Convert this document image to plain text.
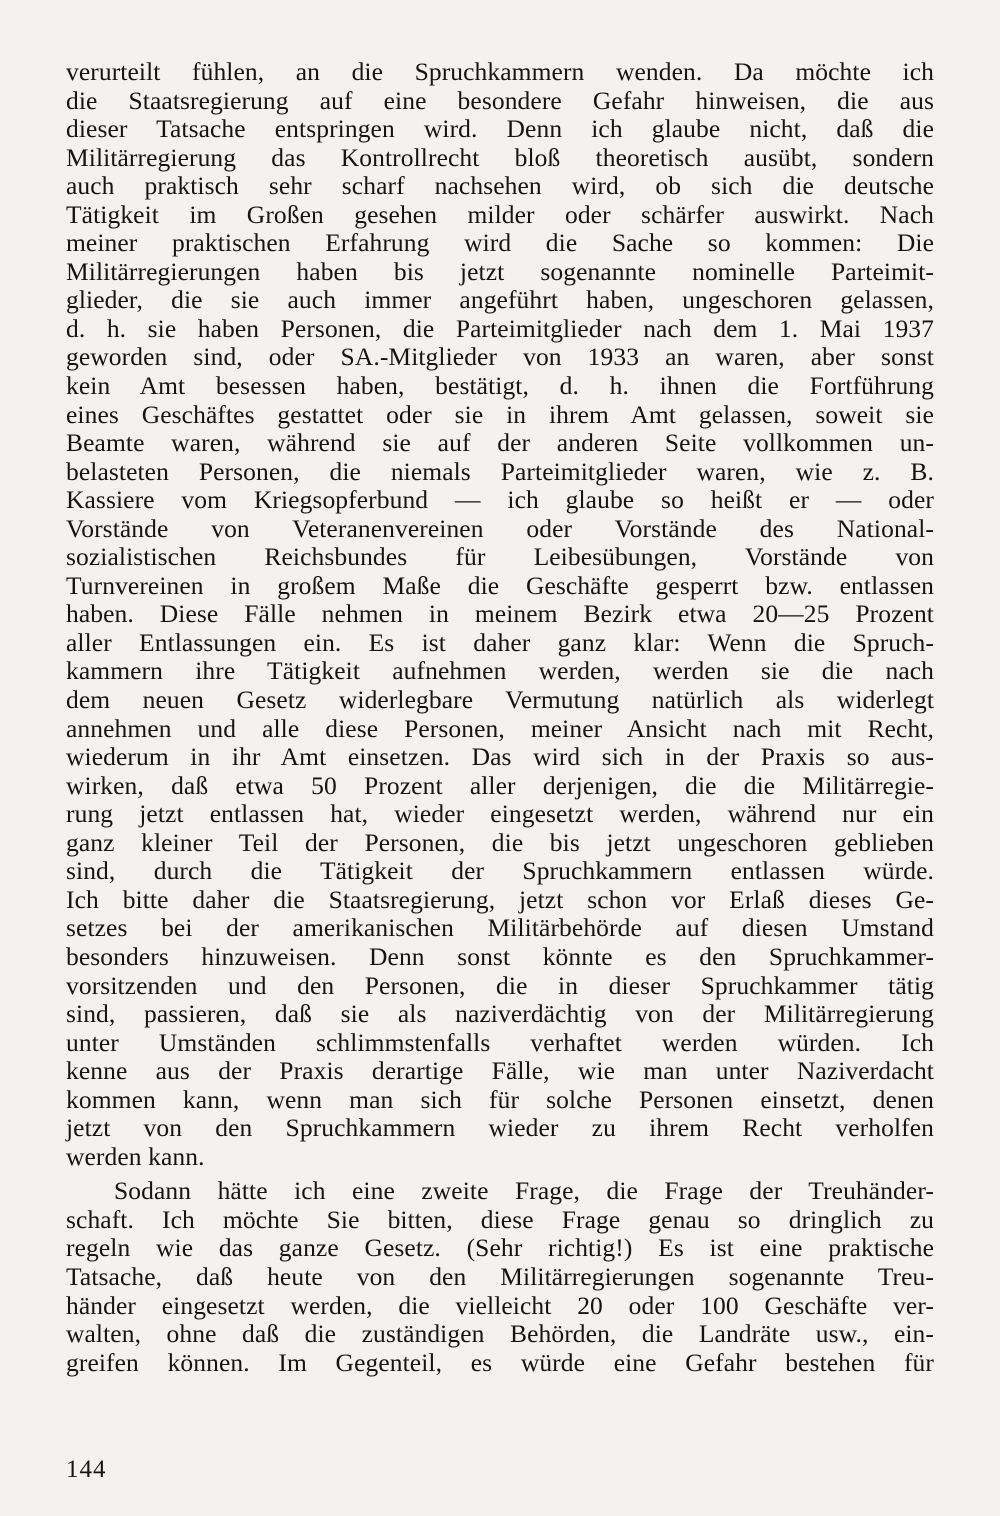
verurteilt fühlen, an die Spruchkammern wenden. Da möchte ich
die Staatsregierung auf eine besondere Gefahr hinweisen, die aus
dieser Tatsache entspringen wird. Denn ich glaube nicht, daß die
Militärregierung das Kontrollrecht bloß theoretisch ausübt, sondern
auch praktisch sehr scharf nachsehen wird, ob sich die deutsche
Tätigkeit im Großen gesehen milder oder schärfer auswirkt. Nach
meiner praktischen Erfahrung wird die Sache so kommen: Die
Militärregierungen haben bis jetzt sogenannte nominelle Parteimit-
glieder, die sie auch immer angeführt haben, ungeschoren gelassen,
d. h. sie haben Personen, die Parteimitglieder nach dem 1. Mai 1937
geworden sind, oder SA.-Mitglieder von 1933 an waren, aber sonst
kein Amt besessen haben, bestätigt, d. h. ihnen die Fortführung
eines Geschäftes gestattet oder sie in ihrem Amt gelassen, soweit sie
Beamte waren, während sie auf der anderen Seite vollkommen un-
belasteten Personen, die niemals Parteimitglieder waren, wie z. B.
Kassiere vom Kriegsopferbund — ich glaube so heißt er — oder
Vorstände von Veteranenvereinen oder Vorstände des National-
sozialistischen Reichsbundes für Leibesübungen, Vorstände von
Turnvereinen in großem Maße die Geschäfte gesperrt bzw. entlassen
haben. Diese Fälle nehmen in meinem Bezirk etwa 20—25 Prozent
aller Entlassungen ein. Es ist daher ganz klar: Wenn die Spruch-
kammern ihre Tätigkeit aufnehmen werden, werden sie die nach
dem neuen Gesetz widerlegbare Vermutung natürlich als widerlegt
annehmen und alle diese Personen, meiner Ansicht nach mit Recht,
wiederum in ihr Amt einsetzen. Das wird sich in der Praxis so aus-
wirken, daß etwa 50 Prozent aller derjenigen, die die Militärregie-
rung jetzt entlassen hat, wieder eingesetzt werden, während nur ein
ganz kleiner Teil der Personen, die bis jetzt ungeschoren geblieben
sind, durch die Tätigkeit der Spruchkammern entlassen würde.
Ich bitte daher die Staatsregierung, jetzt schon vor Erlaß dieses Ge-
setzes bei der amerikanischen Militärbehörde auf diesen Umstand
besonders hinzuweisen. Denn sonst könnte es den Spruchkammer-
vorsitzenden und den Personen, die in dieser Spruchkammer tätig
sind, passieren, daß sie als naziverdächtig von der Militärregierung
unter Umständen schlimmstenfalls verhaftet werden würden. Ich
kenne aus der Praxis derartige Fälle, wie man unter Naziverdacht
kommen kann, wenn man sich für solche Personen einsetzt, denen
jetzt von den Spruchkammern wieder zu ihrem Recht verholfen
werden kann.
Sodann hätte ich eine zweite Frage, die Frage der Treuhänder-
schaft. Ich möchte Sie bitten, diese Frage genau so dringlich zu
regeln wie das ganze Gesetz. (Sehr richtig!) Es ist eine praktische
Tatsache, daß heute von den Militärregierungen sogenannte Treu-
händer eingesetzt werden, die vielleicht 20 oder 100 Geschäfte ver-
walten, ohne daß die zuständigen Behörden, die Landräte usw., ein-
greifen können. Im Gegenteil, es würde eine Gefahr bestehen für
144
